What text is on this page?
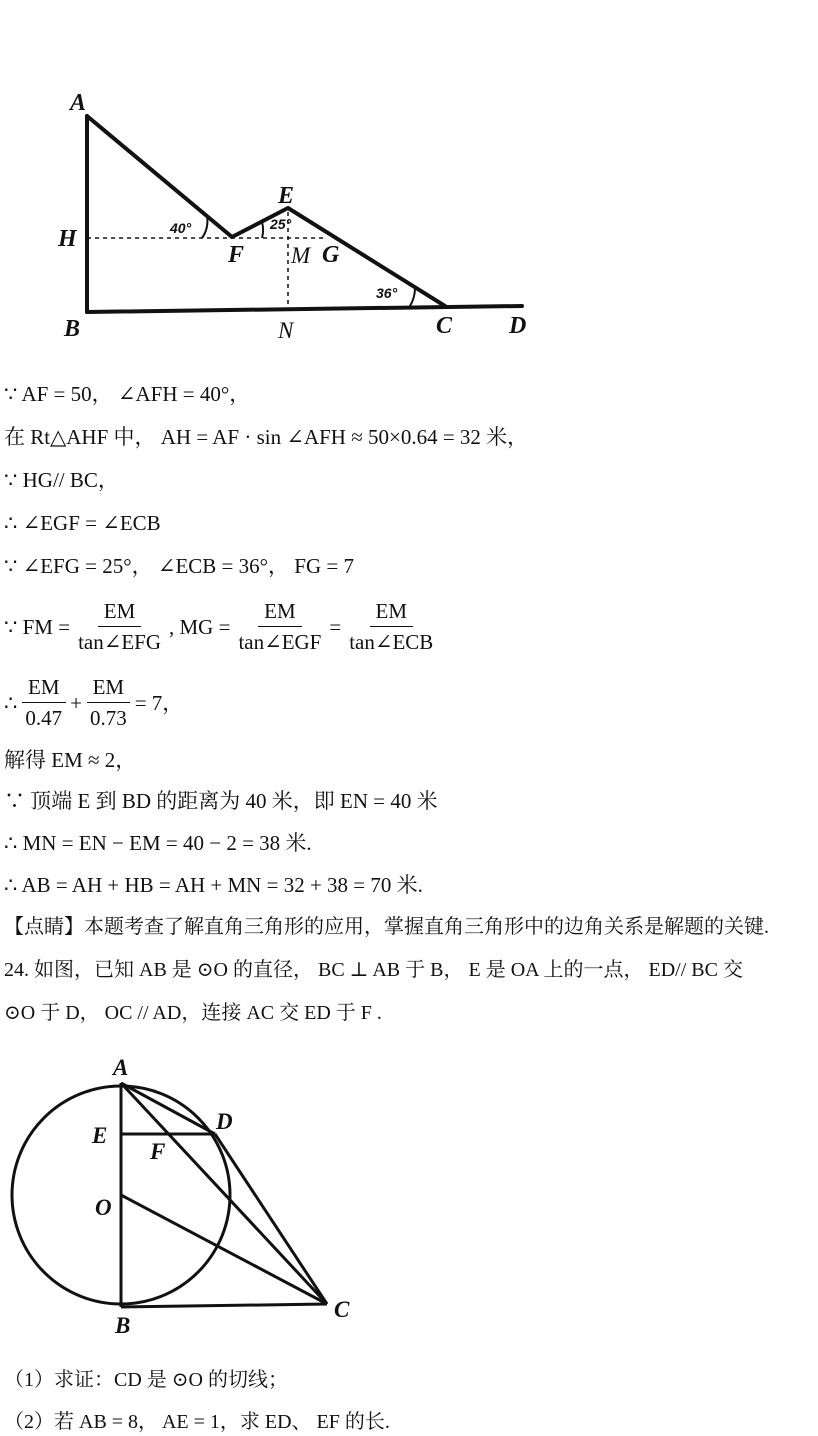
A
H
B
F
E
G
C D
M
N
40°	25°
36°
∵ AF = 50， ∠AFH = 40°，
在 Rt△AHF 中， AH = AF · sin ∠AFH ≈ 50×0.64 = 32 米，
∵ HG// BC，
∴ ∠EGF = ∠ECB
∵ ∠EFG = 25°， ∠ECB = 36°， FG = 7
∵ FM = $\frac{EM}{\text{tan∠EFG}}$ , MG = $\frac{EM}{\text{tan∠EGF}} = \frac{EM}{\text{tan∠ECB}}$
∴ $\frac{EM}{0.47} + \frac{EM}{0.73} = 7$，
解得 EM ≈ 2，
∵ 顶端 E 到 BD 的距离为 40 米，即 EN = 40 米
∴ MN = EN − EM = 40 − 2 = 38 米.
∴ AB = AH + HB = AH + MN = 32 + 38 = 70 米.
【点睛】本题考查了解直角三角形的应用，掌握直角三角形中的边角关系是解题的关键.
24. 如图，已知 AB 是 ⊙O 的直径， BC ⊥ AB 于 B， E 是 OA 上的一点， ED// BC 交
⊙O 于 D， OC // AD，连接 AC 交 ED 于 F .
A
E
D
F
O
B
C
（1）求证：CD 是 ⊙O 的切线；
（2）若 AB = 8， AE = 1，求 ED、 EF 的长.
